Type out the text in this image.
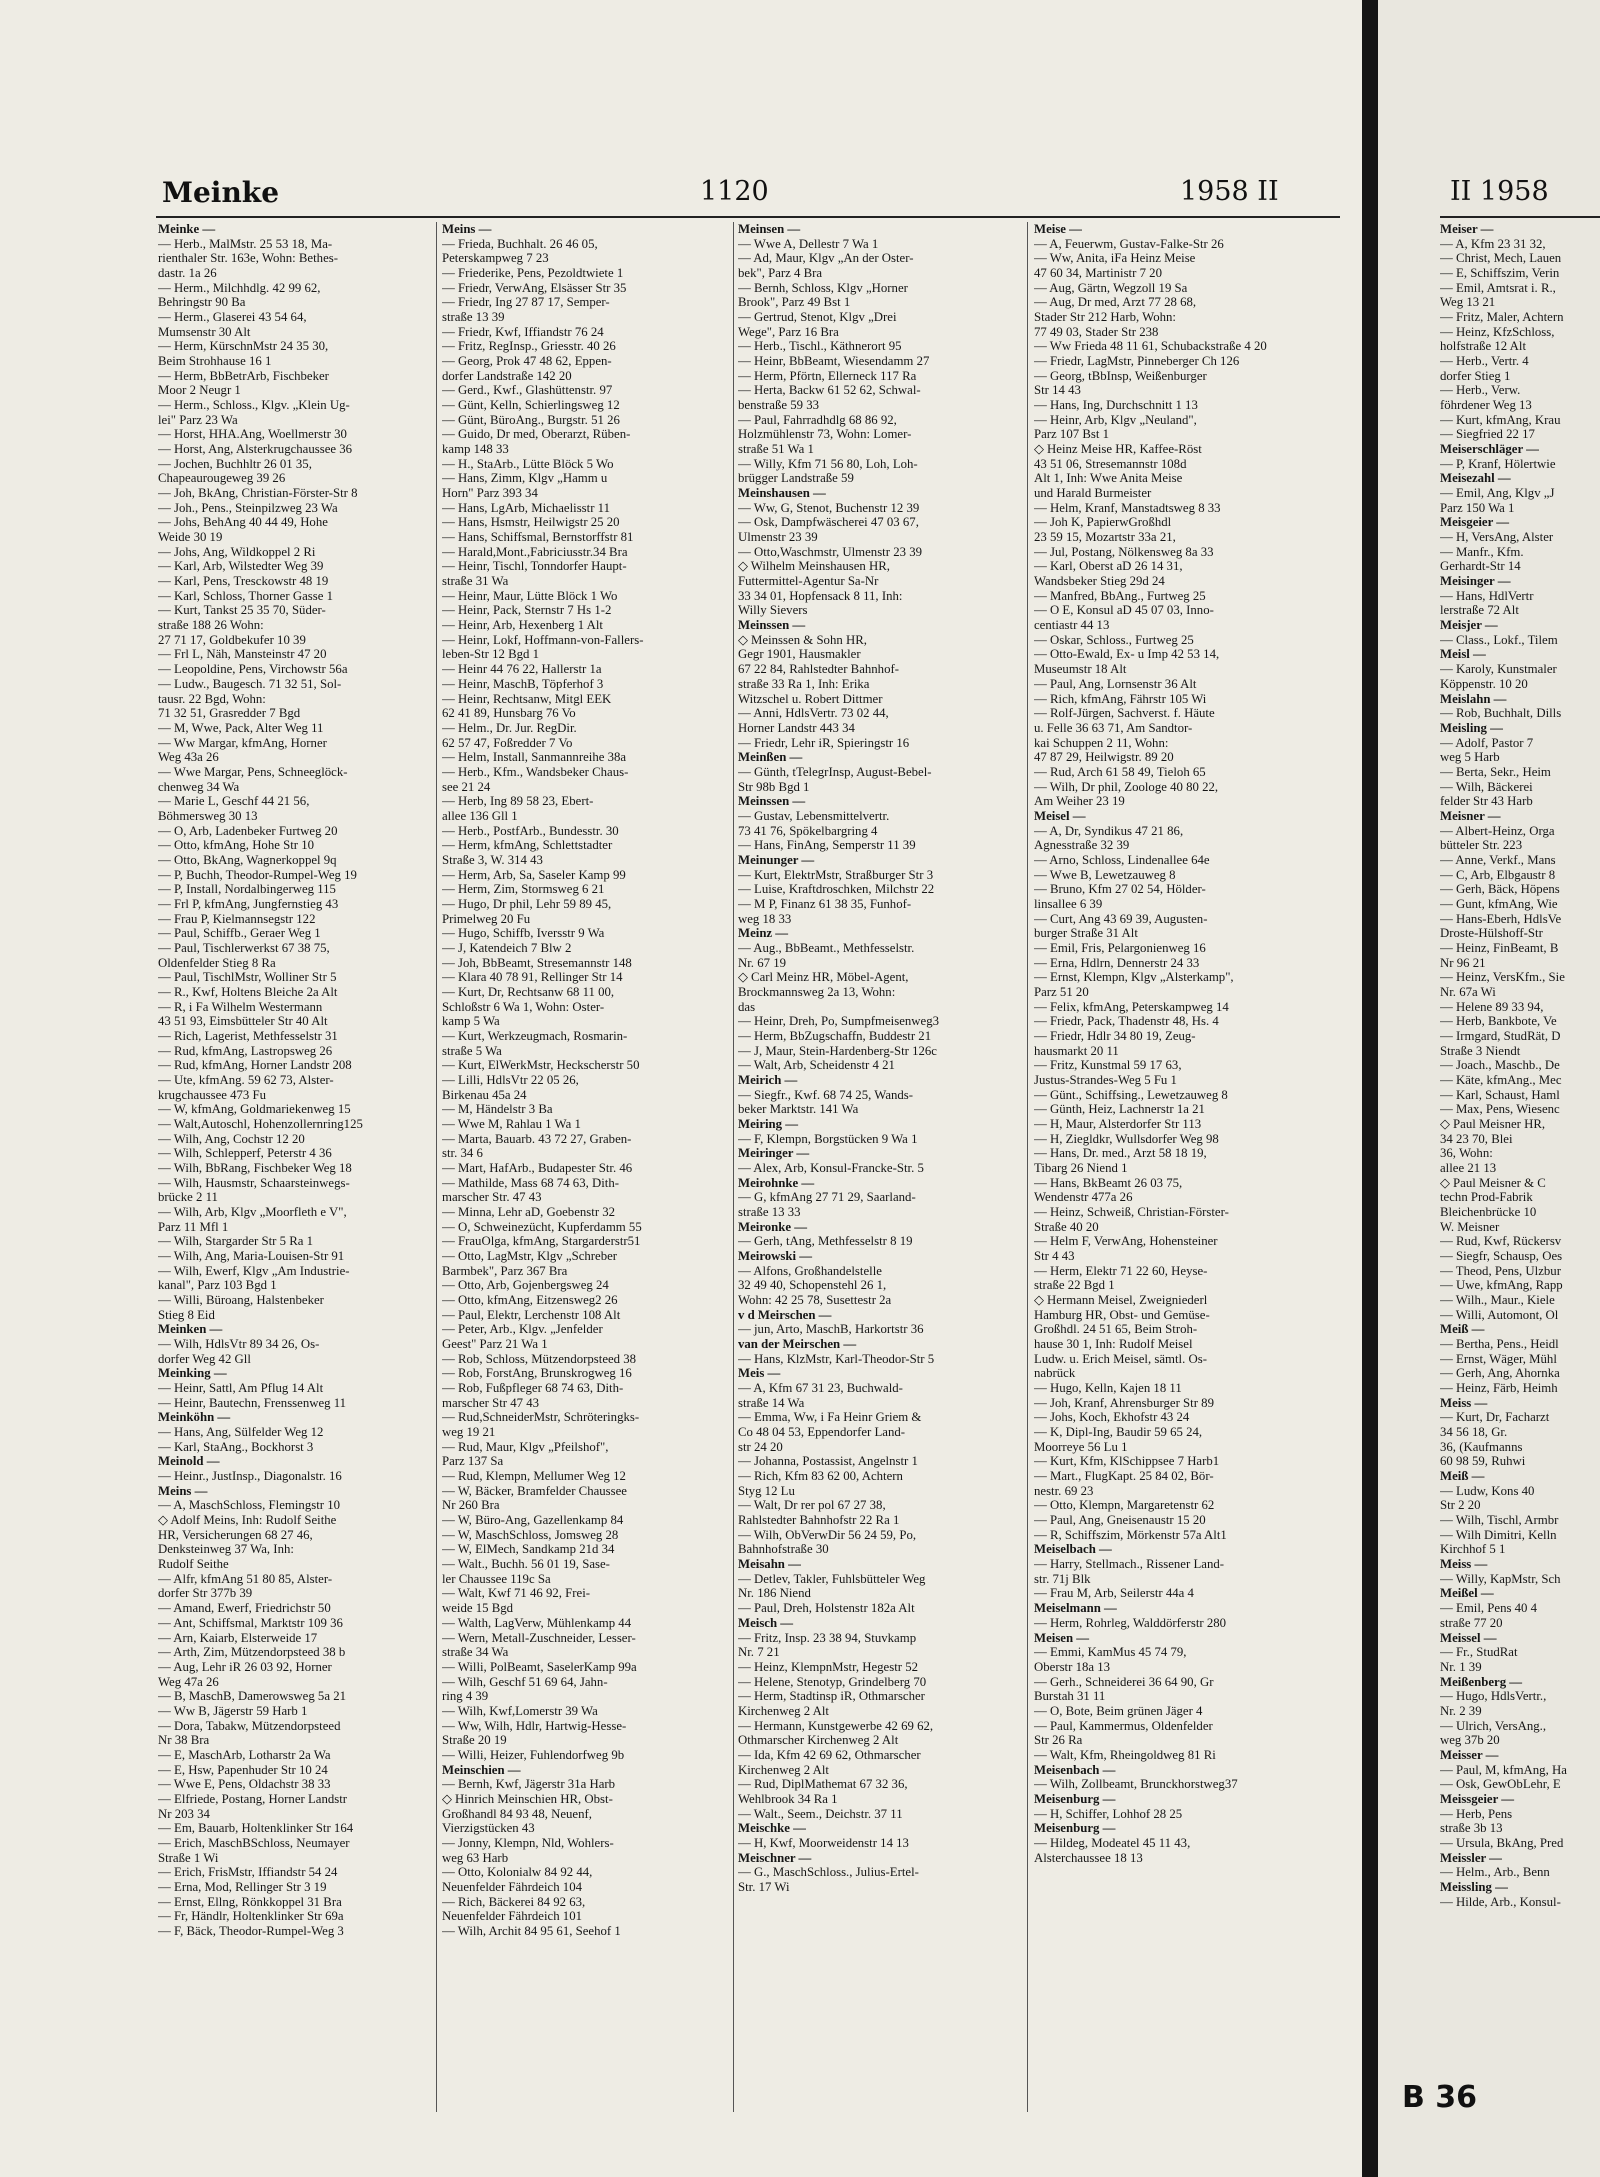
Meinke	1120	1958 II
Meinke —
— Herb., MalMstr. 25 53 18, Ma-
rienthaler Str. 163e, Wohn: Bethes-
dastr. 1a 26
— Herm., Milchhdlg. 42 99 62,
Behringstr 90 Ba
— Herm., Glaserei 43 54 64,
Mumsenstr 30 Alt
— Herm, KürschnMstr 24 35 30,
Beim Strohhause 16 1
— Herm, BbBetrArb, Fischbeker
Moor 2 Neugr 1
— Herm., Schloss., Klgv. „Klein Ug-
lei" Parz 23 Wa
— Horst, HHA.Ang, Woellmerstr 30
— Horst, Ang, Alsterkrugchaussee 36
— Jochen, Buchhltr 26 01 35,
Chapeaurougeweg 39 26
— Joh, BkAng, Christian-Förster-Str 8
— Joh., Pens., Steinpilzweg 23 Wa
— Johs, BehAng 40 44 49, Hohe
Weide 30 19
— Johs, Ang, Wildkoppel 2 Ri
— Karl, Arb, Wilstedter Weg 39
— Karl, Pens, Tresckowstr 48 19
— Karl, Schloss, Thorner Gasse 1
— Kurt, Tankst 25 35 70, Süder-
straße 188 26 Wohn:
27 71 17, Goldbekufer 10 39
— Frl L, Näh, Mansteinstr 47 20
— Leopoldine, Pens, Virchowstr 56a
— Ludw., Baugesch. 71 32 51, Sol-
tausr. 22 Bgd, Wohn:
71 32 51, Grasredder 7 Bgd
— M, Wwe, Pack, Alter Weg 11
— Ww Margar, kfmAng, Horner
Weg 43a 26
— Wwe Margar, Pens, Schneeglöck-
chenweg 34 Wa
— Marie L, Geschf 44 21 56,
Böhmersweg 30 13
— O, Arb, Ladenbeker Furtweg 20
— Otto, kfmAng, Hohe Str 10
— Otto, BkAng, Wagnerkoppel 9q
— P, Buchh, Theodor-Rumpel-Weg 19
— P, Install, Nordalbingerweg 115
— Frl P, kfmAng, Jungfernstieg 43
— Frau P, Kielmannsegstr 122
— Paul, Schiffb., Geraer Weg 1
— Paul, Tischlerwerkst 67 38 75,
Oldenfelder Stieg 8 Ra
— Paul, TischlMstr, Wolliner Str 5
— R., Kwf, Holtens Bleiche 2a Alt
— R, i Fa Wilhelm Westermann
43 51 93, Eimsbütteler Str 40 Alt
— Rich, Lagerist, Methfesselstr 31
— Rud, kfmAng, Lastropsweg 26
— Rud, kfmAng, Horner Landstr 208
— Ute, kfmAng. 59 62 73, Alster-
krugchaussee 473 Fu
— W, kfmAng, Goldmariekenweg 15
— Walt,Autoschl, Hohenzollernring125
— Wilh, Ang, Cochstr 12 20
— Wilh, Schlepperf, Peterstr 4 36
— Wilh, BbRang, Fischbeker Weg 18
— Wilh, Hausmstr, Schaarsteinwegs-
brücke 2 11
— Wilh, Arb, Klgv „Moorfleth e V",
Parz 11 Mfl 1
— Wilh, Stargarder Str 5 Ra 1
— Wilh, Ang, Maria-Louisen-Str 91
— Wilh, Ewerf, Klgv „Am Industrie-
kanal", Parz 103 Bgd 1
— Willi, Büroang, Halstenbeker
Stieg 8 Eid
Meinken —
— Wilh, HdlsVtr 89 34 26, Os-
dorfer Weg 42 Gll
Meinking —
— Heinr, Sattl, Am Pflug 14 Alt
— Heinr, Bautechn, Frenssenweg 11
Meinköhn —
— Hans, Ang, Sülfelder Weg 12
— Karl, StaAng., Bockhorst 3
Meinold —
— Heinr., JustInsp., Diagonalstr. 16
Meins —
— A, MaschSchloss, Flemingstr 10
◇ Adolf Meins, Inh: Rudolf Seithe
HR, Versicherungen 68 27 46,
Denksteinweg 37 Wa, Inh:
Rudolf Seithe
— Alfr, kfmAng 51 80 85, Alster-
dorfer Str 377b 39
— Amand, Ewerf, Friedrichstr 50
— Ant, Schiffsmal, Marktstr 109 36
— Arn, Kaiarb, Elsterweide 17
— Arth, Zim, Mützendorpsteed 38 b
— Aug, Lehr iR 26 03 92, Horner
Weg 47a 26
— B, MaschB, Damerowsweg 5a 21
— Ww B, Jägerstr 59 Harb 1
— Dora, Tabakw, Mützendorpsteed
Nr 38 Bra
— E, MaschArb, Lotharstr 2a Wa
— E, Hsw, Papenhuder Str 10 24
— Wwe E, Pens, Oldachstr 38 33
— Elfriede, Postang, Horner Landstr
Nr 203 34
— Em, Bauarb, Holtenklinker Str 164
— Erich, MaschBSchloss, Neumayer
Straße 1 Wi
— Erich, FrisMstr, Iffiandstr 54 24
— Erna, Mod, Rellinger Str 3 19
— Ernst, Ellng, Rönkkoppel 31 Bra
— Fr, Händlr, Holtenklinker Str 69a
— F, Bäck, Theodor-Rumpel-Weg 3
Meins —
— Frieda, Buchhalt. 26 46 05,
Peterskampweg 7 23
— Friederike, Pens, Pezoldtwiete 1
— Friedr, VerwAng, Elsässer Str 35
— Friedr, Ing 27 87 17, Semper-
straße 13 39
— Friedr, Kwf, Iffiandstr 76 24
— Fritz, RegInsp., Griesstr. 40 26
— Georg, Prok 47 48 62, Eppen-
dorfer Landstraße 142 20
— Gerd., Kwf., Glashüttenstr. 97
— Günt, Kelln, Schierlingsweg 12
— Günt, BüroAng., Burgstr. 51 26
— Guido, Dr med, Oberarzt, Rüben-
kamp 148 33
— H., StaArb., Lütte Blöck 5 Wo
— Hans, Zimm, Klgv „Hamm u
Horn" Parz 393 34
— Hans, LgArb, Michaelisstr 11
— Hans, Hsmstr, Heilwigstr 25 20
— Hans, Schiffsmal, Bernstorffstr 81
— Harald,Mont.,Fabriciusstr.34 Bra
— Heinr, Tischl, Tonndorfer Haupt-
straße 31 Wa
— Heinr, Maur, Lütte Blöck 1 Wo
— Heinr, Pack, Sternstr 7 Hs 1-2
— Heinr, Arb, Hexenberg 1 Alt
— Heinr, Lokf, Hoffmann-von-Fallers-
leben-Str 12 Bgd 1
— Heinr 44 76 22, Hallerstr 1a
— Heinr, MaschB, Töpferhof 3
— Heinr, Rechtsanw, Mitgl EEK
62 41 89, Hunsbarg 76 Vo
— Helm., Dr. Jur. RegDir.
62 57 47, Foßredder 7 Vo
— Helm, Install, Sanmannreihe 38a
— Herb., Kfm., Wandsbeker Chaus-
see 21 24
— Herb, Ing 89 58 23, Ebert-
allee 136 Gll 1
— Herb., PostfArb., Bundesstr. 30
— Herm, kfmAng, Schlettstadter
Straße 3, W. 314 43
— Herm, Arb, Sa, Saseler Kamp 99
— Herm, Zim, Stormsweg 6 21
— Hugo, Dr phil, Lehr 59 89 45,
Primelweg 20 Fu
— Hugo, Schiffb, Iversstr 9 Wa
— J, Katendeich 7 Blw 2
— Joh, BbBeamt, Stresemannstr 148
— Klara 40 78 91, Rellinger Str 14
— Kurt, Dr, Rechtsanw 68 11 00,
Schloßstr 6 Wa 1, Wohn: Oster-
kamp 5 Wa
— Kurt, Werkzeugmach, Rosmarin-
straße 5 Wa
— Kurt, ElWerkMstr, Heckscherstr 50
— Lilli, HdlsVtr 22 05 26,
Birkenau 45a 24
— M, Händelstr 3 Ba
— Wwe M, Rahlau 1 Wa 1
— Marta, Bauarb. 43 72 27, Graben-
str. 34 6
— Mart, HafArb., Budapester Str. 46
— Mathilde, Mass 68 74 63, Dith-
marscher Str. 47 43
— Minna, Lehr aD, Goebenstr 32
— O, Schweinezücht, Kupferdamm 55
— FrauOlga, kfmAng, Stargarderstr51
— Otto, LagMstr, Klgv „Schreber
Barmbek", Parz 367 Bra
— Otto, Arb, Gojenbergsweg 24
— Otto, kfmAng, Eitzensweg2 26
— Paul, Elektr, Lerchenstr 108 Alt
— Peter, Arb., Klgv. „Jenfelder
Geest" Parz 21 Wa 1
— Rob, Schloss, Mützendorpsteed 38
— Rob, ForstAng, Brunskrogweg 16
— Rob, Fußpfleger 68 74 63, Dith-
marscher Str 47 43
— Rud,SchneiderMstr, Schröteringks-
weg 19 21
— Rud, Maur, Klgv „Pfeilshof",
Parz 137 Sa
— Rud, Klempn, Mellumer Weg 12
— W, Bäcker, Bramfelder Chaussee
Nr 260 Bra
— W, Büro-Ang, Gazellenkamp 84
— W, MaschSchloss, Jomsweg 28
— W, ElMech, Sandkamp 21d 34
— Walt., Buchh. 56 01 19, Sase-
ler Chaussee 119c Sa
— Walt, Kwf 71 46 92, Frei-
weide 15 Bgd
— Walth, LagVerw, Mühlenkamp 44
— Wern, Metall-Zuschneider, Lesser-
straße 34 Wa
— Willi, PolBeamt, SaselerKamp 99a
— Wilh, Geschf 51 69 64, Jahn-
ring 4 39
— Wilh, Kwf,Lomerstr 39 Wa
— Ww, Wilh, Hdlr, Hartwig-Hesse-
Straße 20 19
— Willi, Heizer, Fuhlendorfweg 9b
Meinschien —
— Bernh, Kwf, Jägerstr 31a Harb
◇ Hinrich Meinschien HR, Obst-
Großhandl 84 93 48, Neuenf,
Vierzigstücken 43
— Jonny, Klempn, Nld, Wohlers-
weg 63 Harb
— Otto, Kolonialw 84 92 44,
Neuenfelder Fährdeich 104
— Rich, Bäckerei 84 92 63,
Neuenfelder Fährdeich 101
— Wilh, Archit 84 95 61, Seehof 1
Meinsen —
— Wwe A, Dellestr 7 Wa 1
— Ad, Maur, Klgv „An der Oster-
bek", Parz 4 Bra
— Bernh, Schloss, Klgv „Horner
Brook", Parz 49 Bst 1
— Gertrud, Stenot, Klgv „Drei
Wege", Parz 16 Bra
— Herb., Tischl., Käthnerort 95
— Heinr, BbBeamt, Wiesendamm 27
— Herm, Pförtn, Ellerneck 117 Ra
— Herta, Backw 61 52 62, Schwal-
benstraße 59 33
— Paul, Fahrradhdlg 68 86 92,
Holzmühlenstr 73, Wohn: Lomer-
straße 51 Wa 1
— Willy, Kfm 71 56 80, Loh, Loh-
brügger Landstraße 59
Meinshausen —
— Ww, G, Stenot, Buchenstr 12 39
— Osk, Dampfwäscherei 47 03 67,
Ulmenstr 23 39
— Otto,Waschmstr, Ulmenstr 23 39
◇ Wilhelm Meinshausen HR,
Futtermittel-Agentur Sa-Nr
33 34 01, Hopfensack 8 11, Inh:
Willy Sievers
Meinssen —
◇ Meinssen & Sohn HR,
Gegr 1901, Hausmakler
67 22 84, Rahlstedter Bahnhof-
straße 33 Ra 1, Inh: Erika
Witzschel u. Robert Dittmer
— Anni, HdlsVertr. 73 02 44,
Horner Landstr 443 34
— Friedr, Lehr iR, Spieringstr 16
Meinßen —
— Günth, tTelegrInsp, August-Bebel-
Str 98b Bgd 1
Meinssen —
— Gustav, Lebensmittelvertr.
73 41 76, Spökelbargring 4
— Hans, FinAng, Semperstr 11 39
Meinunger —
— Kurt, ElektrMstr, Straßburger Str 3
— Luise, Kraftdroschken, Milchstr 22
— M P, Finanz 61 38 35, Funhof-
weg 18 33
Meinz —
— Aug., BbBeamt., Methfesselstr.
Nr. 67 19
◇ Carl Meinz HR, Möbel-Agent,
Brockmannsweg 2a 13, Wohn:
das
— Heinr, Dreh, Po, Sumpfmeisenweg3
— Herm, BbZugschaffn, Buddestr 21
— J, Maur, Stein-Hardenberg-Str 126c
— Walt, Arb, Scheidenstr 4 21
Meirich —
— Siegfr., Kwf. 68 74 25, Wands-
beker Marktstr. 141 Wa
Meiring —
— F, Klempn, Borgstücken 9 Wa 1
Meiringer —
— Alex, Arb, Konsul-Francke-Str. 5
Meirohnke —
— G, kfmAng 27 71 29, Saarland-
straße 13 33
Meironke —
— Gerh, tAng, Methfesselstr 8 19
Meirowski —
— Alfons, Großhandelstelle
32 49 40, Schopenstehl 26 1,
Wohn: 42 25 78, Susettestr 2a
v d Meirschen —
— jun, Arto, MaschB, Harkortstr 36
van der Meirschen —
— Hans, KlzMstr, Karl-Theodor-Str 5
Meis —
— A, Kfm 67 31 23, Buchwald-
straße 14 Wa
— Emma, Ww, i Fa Heinr Griem &
Co 48 04 53, Eppendorfer Land-
str 24 20
— Johanna, Postassist, Angelnstr 1
— Rich, Kfm 83 62 00, Achtern
Styg 12 Lu
— Walt, Dr rer pol 67 27 38,
Rahlstedter Bahnhofstr 22 Ra 1
— Wilh, ObVerwDir 56 24 59, Po,
Bahnhofstraße 30
Meisahn —
— Detlev, Takler, Fuhlsbütteler Weg
Nr. 186 Niend
— Paul, Dreh, Holstenstr 182a Alt
Meisch —
— Fritz, Insp. 23 38 94, Stuvkamp
Nr. 7 21
— Heinz, KlempnMstr, Hegestr 52
— Helene, Stenotyp, Grindelberg 70
— Herm, Stadtinsp iR, Othmarscher
Kirchenweg 2 Alt
— Hermann, Kunstgewerbe 42 69 62,
Othmarscher Kirchenweg 2 Alt
— Ida, Kfm 42 69 62, Othmarscher
Kirchenweg 2 Alt
— Rud, DiplMathemat 67 32 36,
Wehlbrook 34 Ra 1
— Walt., Seem., Deichstr. 37 11
Meischke —
— H, Kwf, Moorweidenstr 14 13
Meischner —
— G., MaschSchloss., Julius-Ertel-
Str. 17 Wi
Meise —
— A, Feuerwm, Gustav-Falke-Str 26
— Ww, Anita, iFa Heinz Meise
47 60 34, Martinistr 7 20
— Aug, Gärtn, Wegzoll 19 Sa
— Aug, Dr med, Arzt 77 28 68,
Stader Str 212 Harb, Wohn:
77 49 03, Stader Str 238
— Ww Frieda 48 11 61, Schubackstraße 4 20
— Friedr, LagMstr, Pinneberger Ch 126
— Georg, tBbInsp, Weißenburger
Str 14 43
— Hans, Ing, Durchschnitt 1 13
— Heinr, Arb, Klgv „Neuland",
Parz 107 Bst 1
◇ Heinz Meise HR, Kaffee-Röst
43 51 06, Stresemannstr 108d
Alt 1, Inh: Wwe Anita Meise
und Harald Burmeister
— Helm, Kranf, Manstadtsweg 8 33
— Joh K, PapierwGroßhdl
23 59 15, Mozartstr 33a 21,
— Jul, Postang, Nölkensweg 8a 33
— Karl, Oberst aD 26 14 31,
Wandsbeker Stieg 29d 24
— Manfred, BbAng., Furtweg 25
— O E, Konsul aD 45 07 03, Inno-
centiastr 44 13
— Oskar, Schloss., Furtweg 25
— Otto-Ewald, Ex- u Imp 42 53 14,
Museumstr 18 Alt
— Paul, Ang, Lornsenstr 36 Alt
— Rich, kfmAng, Fährstr 105 Wi
— Rolf-Jürgen, Sachverst. f. Häute
u. Felle 36 63 71, Am Sandtor-
kai Schuppen 2 11, Wohn:
47 87 29, Heilwigstr. 89 20
— Rud, Arch 61 58 49, Tieloh 65
— Wilh, Dr phil, Zoologe 40 80 22,
Am Weiher 23 19
Meisel —
— A, Dr, Syndikus 47 21 86,
Agnesstraße 32 39
— Arno, Schloss, Lindenallee 64e
— Wwe B, Lewetzauweg 8
— Bruno, Kfm 27 02 54, Hölder-
linsallee 6 39
— Curt, Ang 43 69 39, Augusten-
burger Straße 31 Alt
— Emil, Fris, Pelargonienweg 16
— Erna, Hdlrn, Dennerstr 24 33
— Ernst, Klempn, Klgv „Alsterkamp",
Parz 51 20
— Felix, kfmAng, Peterskampweg 14
— Friedr, Pack, Thadenstr 48, Hs. 4
— Friedr, Hdlr 34 80 19, Zeug-
hausmarkt 20 11
— Fritz, Kunstmal 59 17 63,
Justus-Strandes-Weg 5 Fu 1
— Günt., Schiffsing., Lewetzauweg 8
— Günth, Heiz, Lachnerstr 1a 21
— H, Maur, Alsterdorfer Str 113
— H, Ziegldkr, Wullsdorfer Weg 98
— Hans, Dr. med., Arzt 58 18 19,
Tibarg 26 Niend 1
— Hans, BkBeamt 26 03 75,
Wendenstr 477a 26
— Heinz, Schweiß, Christian-Förster-
Straße 40 20
— Helm F, VerwAng, Hohensteiner
Str 4 43
— Herm, Elektr 71 22 60, Heyse-
straße 22 Bgd 1
◇ Hermann Meisel, Zweigniederl
Hamburg HR, Obst- und Gemüse-
Großhdl. 24 51 65, Beim Stroh-
hause 30 1, Inh: Rudolf Meisel
Ludw. u. Erich Meisel, sämtl. Os-
nabrück
— Hugo, Kelln, Kajen 18 11
— Joh, Kranf, Ahrensburger Str 89
— Johs, Koch, Ekhofstr 43 24
— K, Dipl-Ing, Baudir 59 65 24,
Moorreye 56 Lu 1
— Kurt, Kfm, KlSchippsee 7 Harb1
— Mart., FlugKapt. 25 84 02, Bör-
nestr. 69 23
— Otto, Klempn, Margaretenstr 62
— Paul, Ang, Gneisenaustr 15 20
— R, Schiffszim, Mörkenstr 57a Alt1
Meiselbach —
— Harry, Stellmach., Rissener Land-
str. 71j Blk
— Frau M, Arb, Seilerstr 44a 4
Meiselmann —
— Herm, Rohrleg, Walddörferstr 280
Meisen —
— Emmi, KamMus 45 74 79,
Oberstr 18a 13
— Gerh., Schneiderei 36 64 90, Gr
Burstah 31 11
— O, Bote, Beim grünen Jäger 4
— Paul, Kammermus, Oldenfelder
Str 26 Ra
— Walt, Kfm, Rheingoldweg 81 Ri
Meisenbach —
— Wilh, Zollbeamt, Brunckhorstweg37
Meisenburg —
— H, Schiffer, Lohhof 28 25
Meisenburg —
— Hildeg, Modeatel 45 11 43,
Alsterchaussee 18 13
II 1958
Meiser —
— A, Kfm 23 31 32,
— Christ, Mech, Lauen
— E, Schiffszim, Verin
— Emil, Amtsrat i. R.,
Weg 13 21
— Fritz, Maler, Achtern
— Heinz, KfzSchloss,
holfstraße 12 Alt
— Herb., Vertr. 4
dorfer Stieg 1
— Herb., Verw.
föhrdener Weg 13
— Kurt, kfmAng, Krau
— Siegfried 22 17
Meiserschläger —
— P, Kranf, Hölertwie
Meisezahl —
— Emil, Ang, Klgv „J
Parz 150 Wa 1
Meisgeier —
— H, VersAng, Alster
— Manfr., Kfm.
Gerhardt-Str 14
Meisinger —
— Hans, HdlVertr
lerstraße 72 Alt
Meisjer —
— Class., Lokf., Tilem
Meisl —
— Karoly, Kunstmaler
Köppenstr. 10 20
Meislahn —
— Rob, Buchhalt, Dills
Meisling —
— Adolf, Pastor 7
weg 5 Harb
— Berta, Sekr., Heim
— Wilh, Bäckerei
felder Str 43 Harb
Meisner —
— Albert-Heinz, Orga
bütteler Str. 223
— Anne, Verkf., Mans
— C, Arb, Elbgaustr 8
— Gerh, Bäck, Höpens
— Gunt, kfmAng, Wie
— Hans-Eberh, HdlsVe
Droste-Hülshoff-Str
— Heinz, FinBeamt, B
Nr 96 21
— Heinz, VersKfm., Sie
Nr. 67a Wi
— Helene 89 33 94,
— Herb, Bankbote, Ve
— Irmgard, StudRät, D
Straße 3 Niendt
— Joach., Maschb., De
— Käte, kfmAng., Mec
— Karl, Schaust, Haml
— Max, Pens, Wiesenc
◇ Paul Meisner HR,
34 23 70, Blei
36, Wohn:
allee 21 13
◇ Paul Meisner & C
techn Prod-Fabrik
Bleichenbrücke 10
W. Meisner
— Rud, Kwf, Rückersv
— Siegfr, Schausp, Oes
— Theod, Pens, Ulzbur
— Uwe, kfmAng, Rapp
— Wilh., Maur., Kiele
— Willi, Automont, Ol
Meiß —
— Bertha, Pens., Heidl
— Ernst, Wäger, Mühl
— Gerh, Ang, Ahornka
— Heinz, Färb, Heimh
Meiss —
— Kurt, Dr, Facharzt
34 56 18, Gr.
36, (Kaufmanns
60 98 59, Ruhwi
Meiß —
— Ludw, Kons 40
Str 2 20
— Wilh, Tischl, Armbr
— Wilh Dimitri, Kelln
Kirchhof 5 1
Meiss —
— Willy, KapMstr, Sch
Meißel —
— Emil, Pens 40 4
straße 77 20
Meissel —
— Fr., StudRat
Nr. 1 39
Meißenberg —
— Hugo, HdlsVertr.,
Nr. 2 39
— Ulrich, VersAng.,
weg 37b 20
Meisser —
— Paul, M, kfmAng, Ha
— Osk, GewObLehr, E
Meissgeier —
— Herb, Pens
straße 3b 13
— Ursula, BkAng, Pred
Meissler —
— Helm., Arb., Benn
Meissling —
— Hilde, Arb., Konsul-
B 36
